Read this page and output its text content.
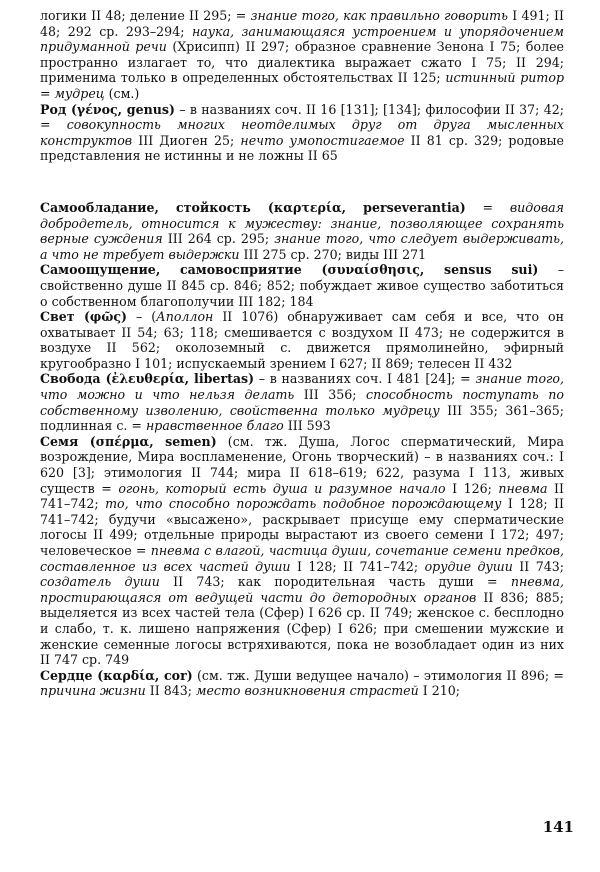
логики II 48; деление II 295; = знание того, как правильно говорить I 491; II 48; 292 ср. 293–294; наука, занимающаяся устроением и упорядочением придуманной речи (Хрисипп) II 297; образное сравнение Зенона I 75; более пространно излагает то, что диалектика выражает сжато I 75; II 294; применима только в определенных обстоятельствах II 125; истинный ритор = мудрец (см.)

Род (γένος, genus) – в названиях соч. II 16 [131]; [134]; философии II 37; 42; = совокупность многих неотделимых друг от друга мысленных конструктов III Диоген 25; нечто умопостигаемое II 81 ср. 329; родовые представления не истинны и не ложны II 65

Самообладание, стойкость (καρτερία, perseverantia) = видовая добродетель, относится к мужеству: знание, позволяющее сохранять верные суждения III 264 ср. 295; знание того, что следует выдерживать, а что не требует выдержки III 275 ср. 270; виды III 271

Самоощущение, самовосприятие (συναίσθησις, sensus sui) – свойственно душе II 845 ср. 846; 852; побуждает живое существо заботиться о собственном благополучии III 182; 184

Свет (φῶς) – (Аполлон II 1076) обнаруживает сам себя и все, что он охватывает II 54; 63; 118; смешивается с воздухом II 473; не содержится в воздухе II 562; околоземный с. движется прямолинейно, эфирный кругообразно I 101; испускаемый зрением I 627; II 869; телесен II 432

Свобода (ἐλευθερία, libertas) – в названиях соч. I 481 [24]; = знание того, что можно и что нельзя делать III 356; способность поступать по собственному изволению, свойственна только мудрецу III 355; 361–365; подлинная с. = нравственное благо III 593

Семя (σπέρμα, semen) (см. тж. Душа, Логос сперматический, Мира возрождение, Мира воспламенение, Огонь творческий) – в названиях соч.: I 620 [3]; этимология II 744; мира II 618–619; 622, разума I 113, живых существ = огонь, который есть душа и разумное начало I 126; пневма II 741–742; то, что способно порождать подобное порождающему I 128; II 741–742; будучи «высажено», раскрывает присуще ему сперматические логосы II 499; отдельные природы вырастают из своего семени I 172; 497; человеческое = пневма с влагой, частица души, сочетание семени предков, составленное из всех частей души I 128; II 741–742; орудие души II 743; создатель души II 743; как породительная часть души = пневма, простирающаяся от ведущей части до детородных органов II 836; 885; выделяется из всех частей тела (Сфер) I 626 ср. II 749; женское с. бесплодно и слабо, т. к. лишено напряжения (Сфер) I 626; при смешении мужские и женские семенные логосы встряхиваются, пока не возобладает один из них II 747 ср. 749

Сердце (καρδία, cor) (см. тж. Души ведущее начало) – этимология II 896; = причина жизни II 843; место возникновения страстей I 210;

141
